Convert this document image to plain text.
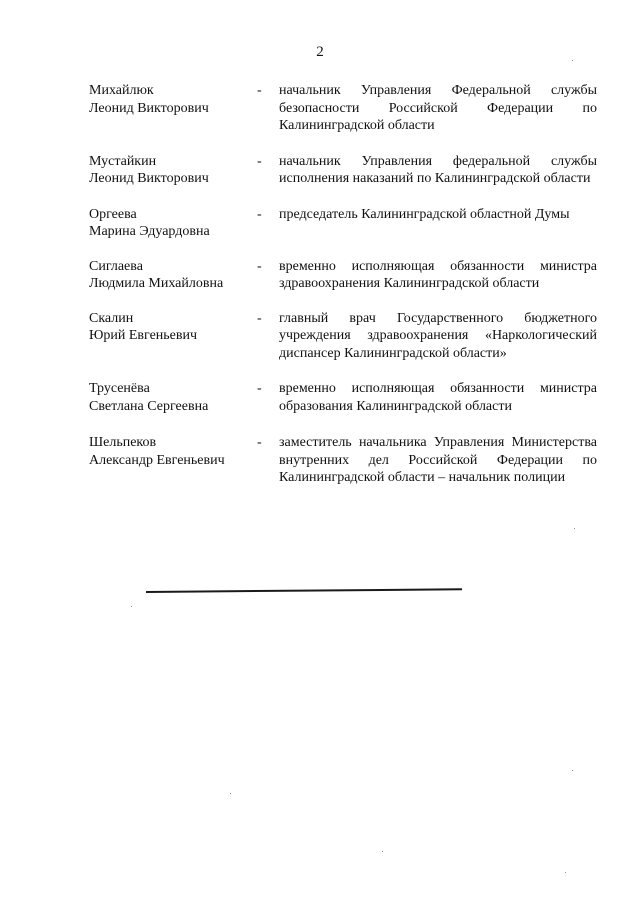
2
Михайлюк
Леонид Викторович
-	начальник Управления Федеральной службы безопасности Российской Федерации по Калининградской области
Мустайкин
Леонид Викторович
-	начальник Управления федеральной службы исполнения наказаний по Калининградской области
Оргеева
Марина Эдуардовна
-	председатель Калининградской областной Думы
Сиглаева
Людмила Михайловна
-	временно исполняющая обязанности министра здравоохранения Калининградской области
Скалин
Юрий Евгеньевич
-	главный врач Государственного бюджетного учреждения здравоохранения «Наркологический диспансер Калининградской области»
Трусенёва
Светлана Сергеевна
-	временно исполняющая обязанности министра образования Калининградской области
Шельпеков
Александр Евгеньевич
-	заместитель начальника Управления Министерства внутренних дел Российской Федерации по Калининградской области – начальник полиции
